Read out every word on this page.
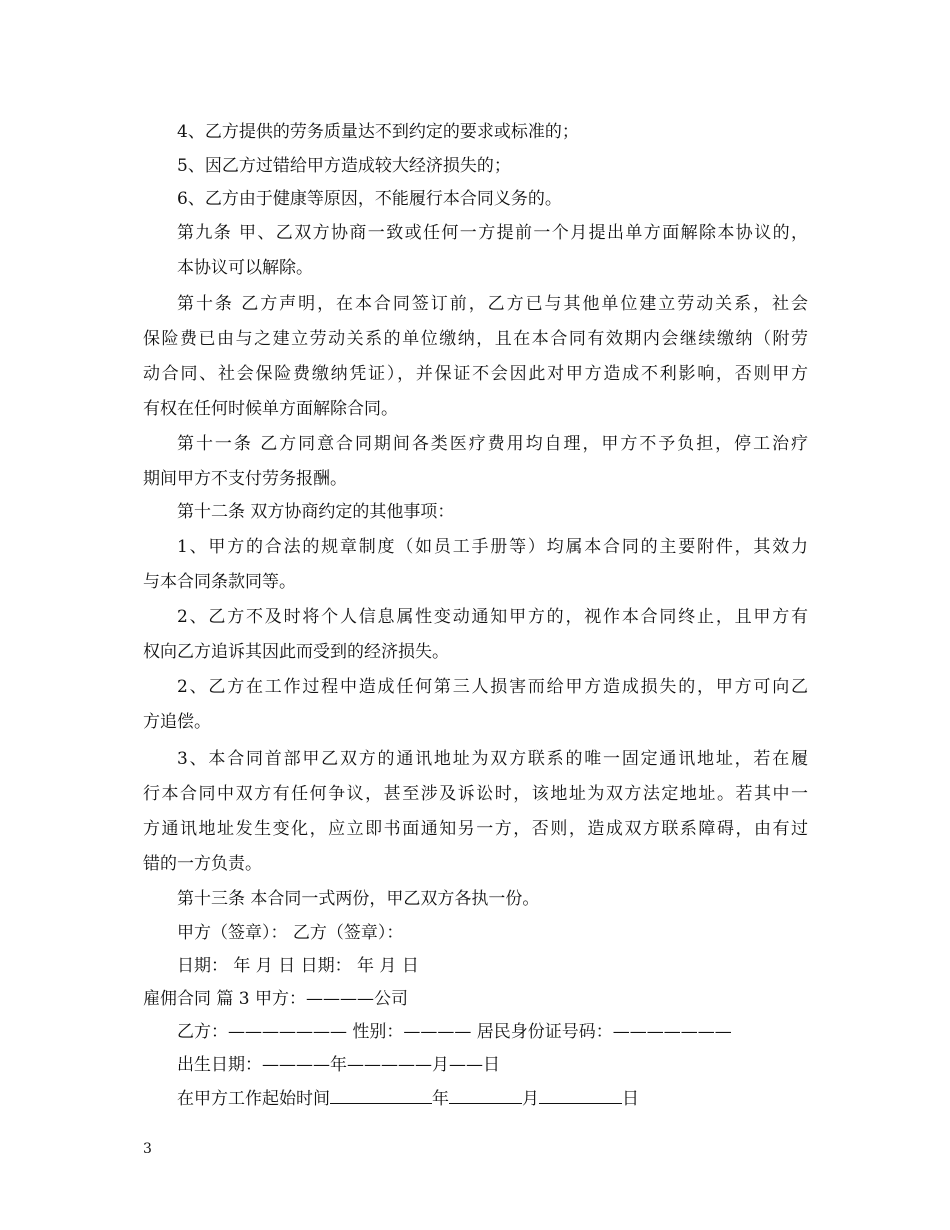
4、乙方提供的劳务质量达不到约定的要求或标准的；
5、因乙方过错给甲方造成较大经济损失的；
6、乙方由于健康等原因，不能履行本合同义务的。
第九条 甲、乙双方协商一致或任何一方提前一个月提出单方面解除本协议的，
本协议可以解除。
第十条 乙方声明，在本合同签订前，乙方已与其他单位建立劳动关系，社会
保险费已由与之建立劳动关系的单位缴纳，且在本合同有效期内会继续缴纳（附劳
动合同、社会保险费缴纳凭证），并保证不会因此对甲方造成不利影响，否则甲方
有权在任何时候单方面解除合同。
第十一条 乙方同意合同期间各类医疗费用均自理，甲方不予负担，停工治疗
期间甲方不支付劳务报酬。
第十二条 双方协商约定的其他事项：
1、甲方的合法的规章制度（如员工手册等）均属本合同的主要附件，其效力
与本合同条款同等。
2、乙方不及时将个人信息属性变动通知甲方的，视作本合同终止，且甲方有
权向乙方追诉其因此而受到的经济损失。
2、乙方在工作过程中造成任何第三人损害而给甲方造成损失的，甲方可向乙
方追偿。
3、本合同首部甲乙双方的通讯地址为双方联系的唯一固定通讯地址，若在履
行本合同中双方有任何争议，甚至涉及诉讼时，该地址为双方法定地址。若其中一
方通讯地址发生变化，应立即书面通知另一方，否则，造成双方联系障碍，由有过
错的一方负责。
第十三条 本合同一式两份，甲乙双方各执一份。
甲方（签章）： 乙方（签章）：
日期： 年 月 日 日期： 年 月 日
雇佣合同 篇 3 甲方：————公司
乙方：——————— 性别：———— 居民身份证号码：———————
出生日期：————年—————月——日
在甲方工作起始时间	年	月	日
3
